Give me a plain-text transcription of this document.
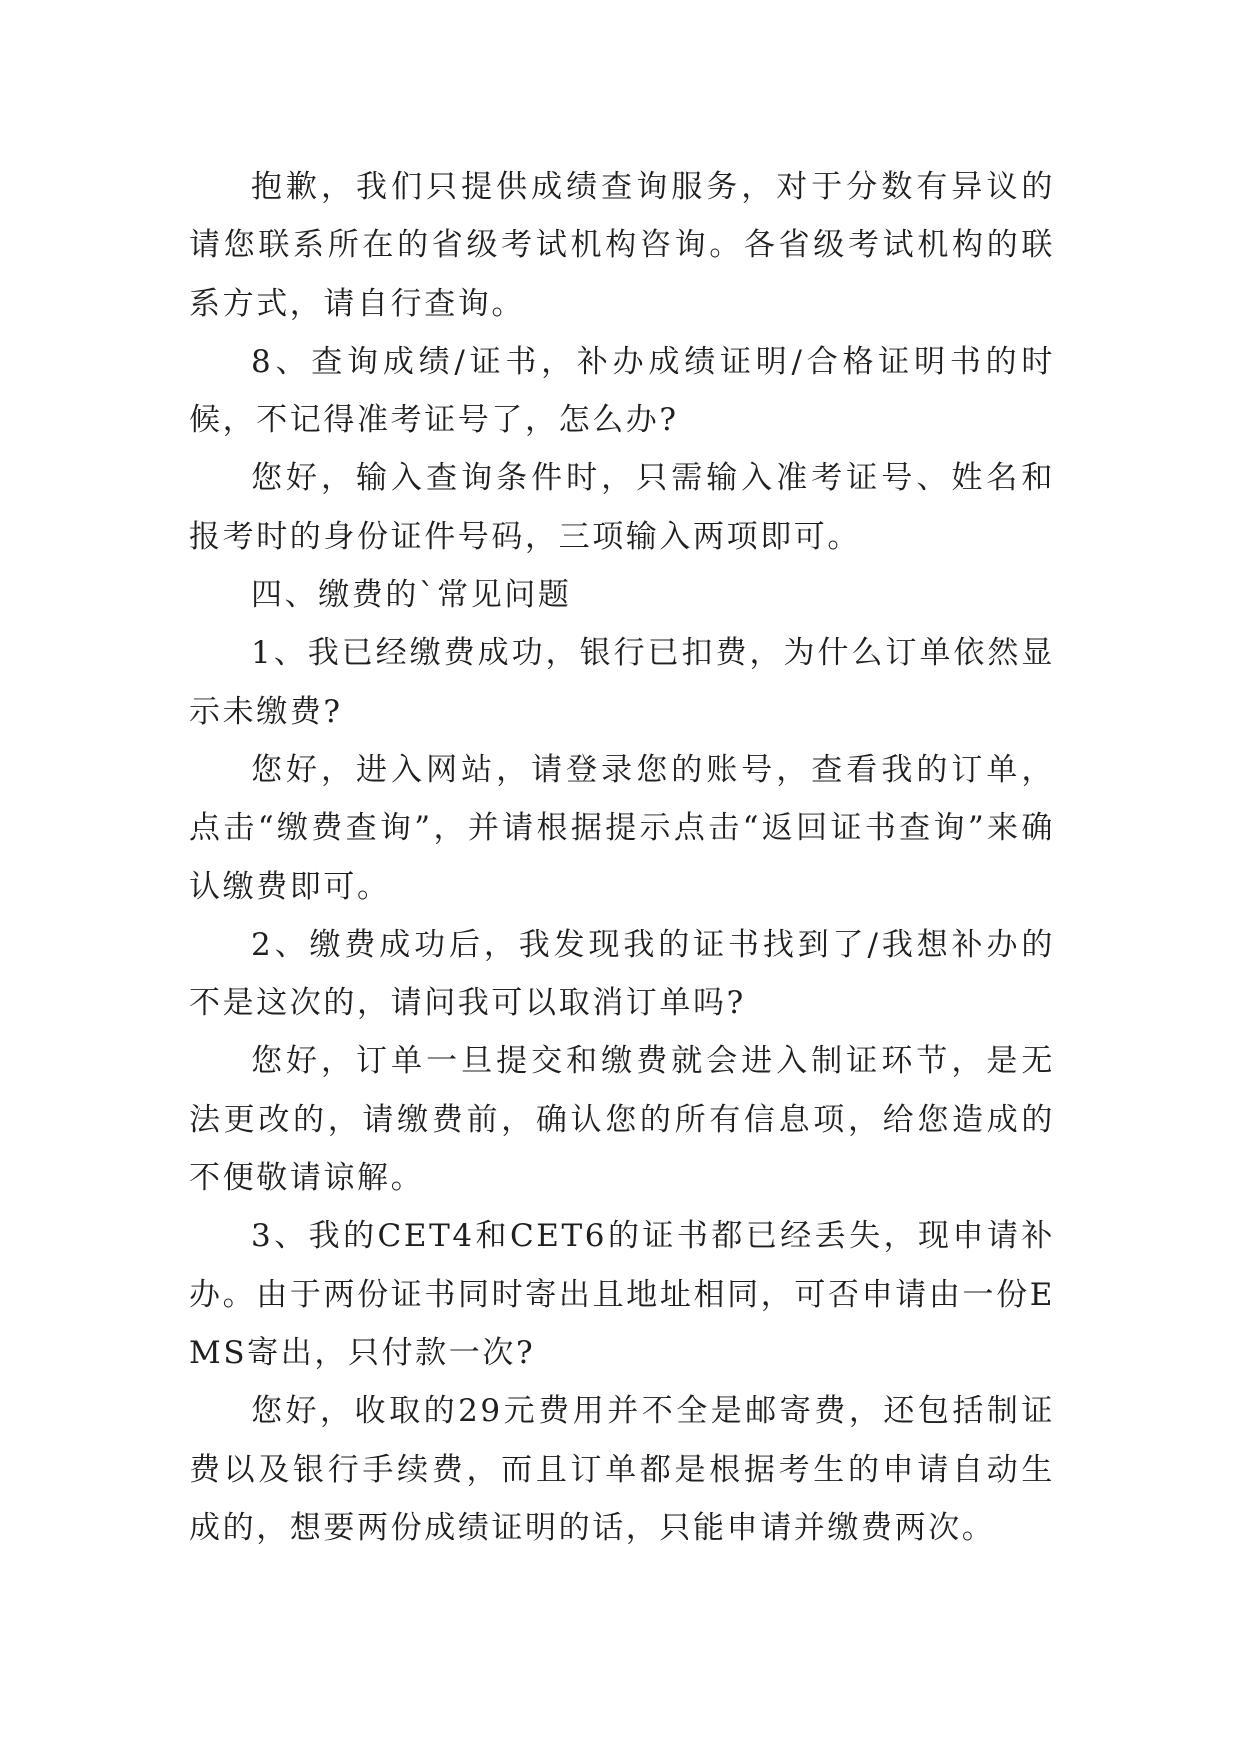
抱歉，我们只提供成绩查询服务，对于分数有异议的请您联系所在的省级考试机构咨询。各省级考试机构的联系方式，请自行查询。

8、查询成绩/证书，补办成绩证明/合格证明书的时候，不记得准考证号了，怎么办?

您好，输入查询条件时，只需输入准考证号、姓名和报考时的身份证件号码，三项输入两项即可。

四、缴费的`常见问题

1、我已经缴费成功，银行已扣费，为什么订单依然显示未缴费?

您好，进入网站，请登录您的账号，查看我的订单，点击“缴费查询”，并请根据提示点击“返回证书查询”来确认缴费即可。

2、缴费成功后，我发现我的证书找到了/我想补办的不是这次的，请问我可以取消订单吗?

您好，订单一旦提交和缴费就会进入制证环节，是无法更改的，请缴费前，确认您的所有信息项，给您造成的不便敬请谅解。

3、我的CET4和CET6的证书都已经丢失，现申请补办。由于两份证书同时寄出且地址相同，可否申请由一份EMS寄出，只付款一次?

您好，收取的29元费用并不全是邮寄费，还包括制证费以及银行手续费，而且订单都是根据考生的申请自动生成的，想要两份成绩证明的话，只能申请并缴费两次。
